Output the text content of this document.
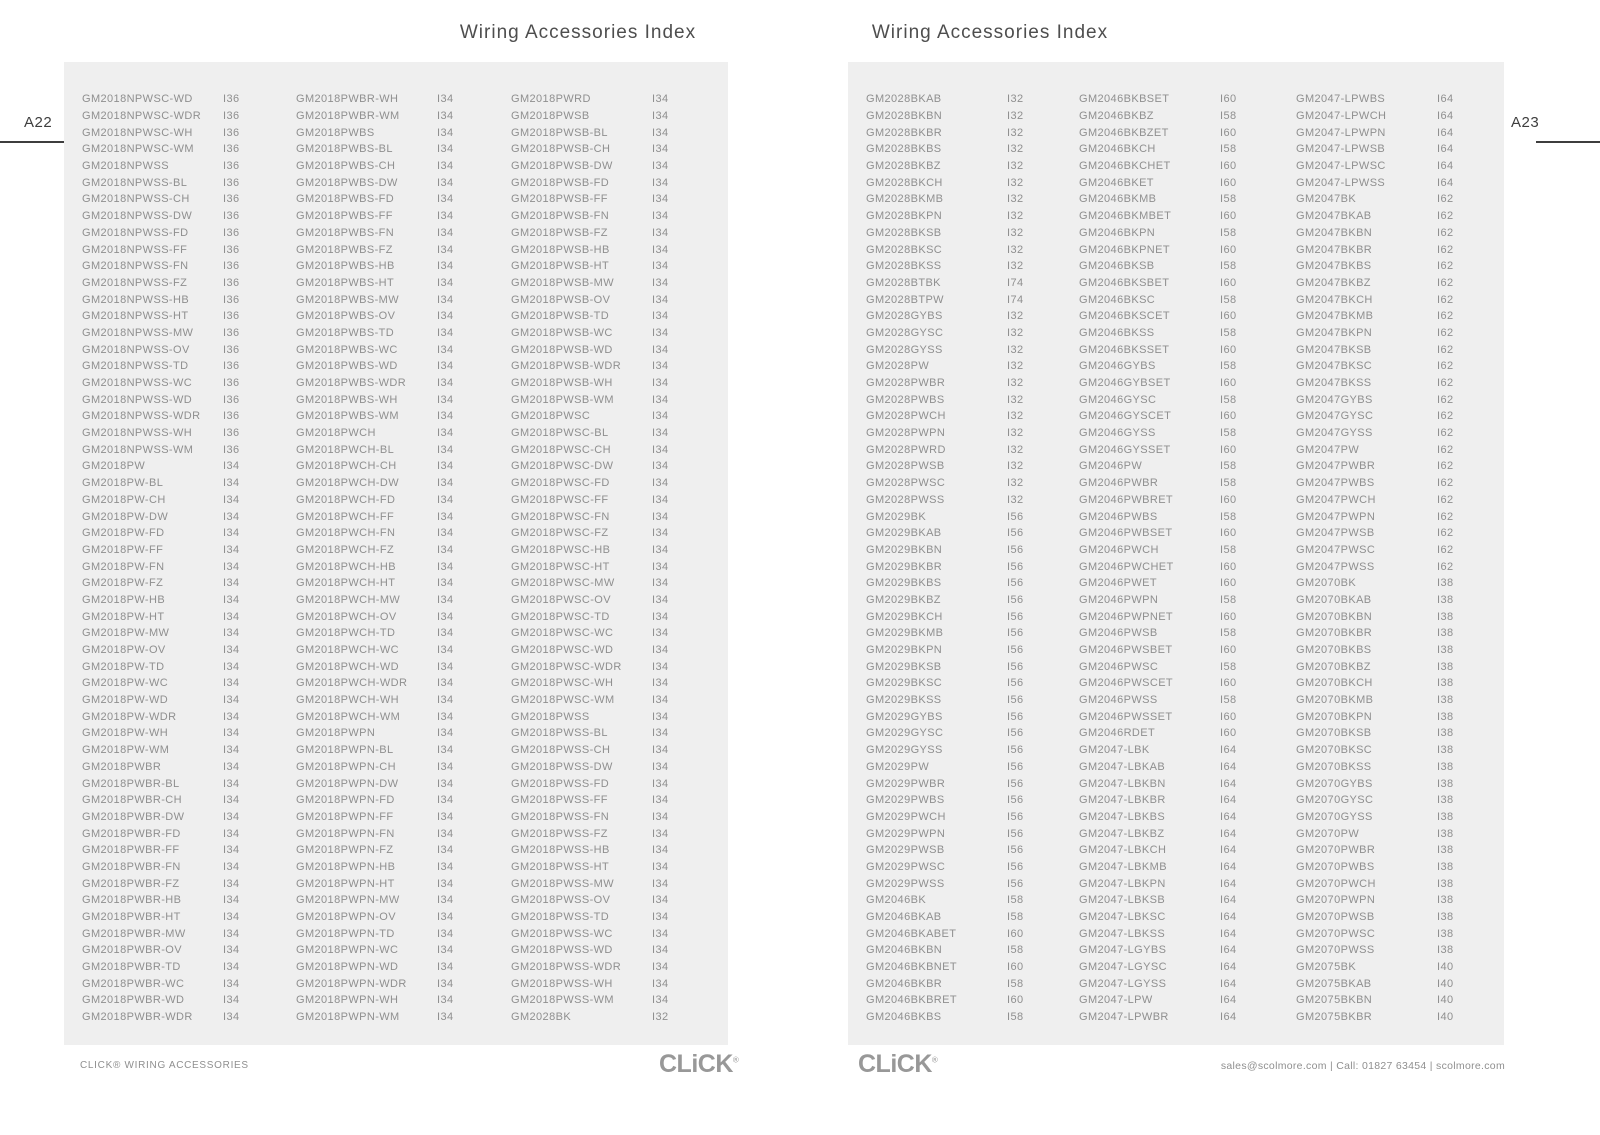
Wiring Accessories Index	Wiring Accessories Index
A22	A23
GM2018NPWSC-WD	I36
GM2018NPWSC-WDR	I36
GM2018NPWSC-WH	I36
GM2018NPWSC-WM	I36
GM2018NPWSS	I36
GM2018NPWSS-BL	I36
GM2018NPWSS-CH	I36
GM2018NPWSS-DW	I36
GM2018NPWSS-FD	I36
GM2018NPWSS-FF	I36
GM2018NPWSS-FN	I36
GM2018NPWSS-FZ	I36
GM2018NPWSS-HB	I36
GM2018NPWSS-HT	I36
GM2018NPWSS-MW	I36
GM2018NPWSS-OV	I36
GM2018NPWSS-TD	I36
GM2018NPWSS-WC	I36
GM2018NPWSS-WD	I36
GM2018NPWSS-WDR	I36
GM2018NPWSS-WH	I36
GM2018NPWSS-WM	I36
GM2018PW	I34
GM2018PW-BL	I34
GM2018PW-CH	I34
GM2018PW-DW	I34
GM2018PW-FD	I34
GM2018PW-FF	I34
GM2018PW-FN	I34
GM2018PW-FZ	I34
GM2018PW-HB	I34
GM2018PW-HT	I34
GM2018PW-MW	I34
GM2018PW-OV	I34
GM2018PW-TD	I34
GM2018PW-WC	I34
GM2018PW-WD	I34
GM2018PW-WDR	I34
GM2018PW-WH	I34
GM2018PW-WM	I34
GM2018PWBR	I34
GM2018PWBR-BL	I34
GM2018PWBR-CH	I34
GM2018PWBR-DW	I34
GM2018PWBR-FD	I34
GM2018PWBR-FF	I34
GM2018PWBR-FN	I34
GM2018PWBR-FZ	I34
GM2018PWBR-HB	I34
GM2018PWBR-HT	I34
GM2018PWBR-MW	I34
GM2018PWBR-OV	I34
GM2018PWBR-TD	I34
GM2018PWBR-WC	I34
GM2018PWBR-WD	I34
GM2018PWBR-WDR	I34
GM2018PWBR-WH	I34
GM2018PWBR-WM	I34
GM2018PWBS	I34
GM2018PWBS-BL	I34
GM2018PWBS-CH	I34
GM2018PWBS-DW	I34
GM2018PWBS-FD	I34
GM2018PWBS-FF	I34
GM2018PWBS-FN	I34
GM2018PWBS-FZ	I34
GM2018PWBS-HB	I34
GM2018PWBS-HT	I34
GM2018PWBS-MW	I34
GM2018PWBS-OV	I34
GM2018PWBS-TD	I34
GM2018PWBS-WC	I34
GM2018PWBS-WD	I34
GM2018PWBS-WDR	I34
GM2018PWBS-WH	I34
GM2018PWBS-WM	I34
GM2018PWCH	I34
GM2018PWCH-BL	I34
GM2018PWCH-CH	I34
GM2018PWCH-DW	I34
GM2018PWCH-FD	I34
GM2018PWCH-FF	I34
GM2018PWCH-FN	I34
GM2018PWCH-FZ	I34
GM2018PWCH-HB	I34
GM2018PWCH-HT	I34
GM2018PWCH-MW	I34
GM2018PWCH-OV	I34
GM2018PWCH-TD	I34
GM2018PWCH-WC	I34
GM2018PWCH-WD	I34
GM2018PWCH-WDR	I34
GM2018PWCH-WH	I34
GM2018PWCH-WM	I34
GM2018PWPN	I34
GM2018PWPN-BL	I34
GM2018PWPN-CH	I34
GM2018PWPN-DW	I34
GM2018PWPN-FD	I34
GM2018PWPN-FF	I34
GM2018PWPN-FN	I34
GM2018PWPN-FZ	I34
GM2018PWPN-HB	I34
GM2018PWPN-HT	I34
GM2018PWPN-MW	I34
GM2018PWPN-OV	I34
GM2018PWPN-TD	I34
GM2018PWPN-WC	I34
GM2018PWPN-WD	I34
GM2018PWPN-WDR	I34
GM2018PWPN-WH	I34
GM2018PWPN-WM	I34
GM2018PWRD	I34
GM2018PWSB	I34
GM2018PWSB-BL	I34
GM2018PWSB-CH	I34
GM2018PWSB-DW	I34
GM2018PWSB-FD	I34
GM2018PWSB-FF	I34
GM2018PWSB-FN	I34
GM2018PWSB-FZ	I34
GM2018PWSB-HB	I34
GM2018PWSB-HT	I34
GM2018PWSB-MW	I34
GM2018PWSB-OV	I34
GM2018PWSB-TD	I34
GM2018PWSB-WC	I34
GM2018PWSB-WD	I34
GM2018PWSB-WDR	I34
GM2018PWSB-WH	I34
GM2018PWSB-WM	I34
GM2018PWSC	I34
GM2018PWSC-BL	I34
GM2018PWSC-CH	I34
GM2018PWSC-DW	I34
GM2018PWSC-FD	I34
GM2018PWSC-FF	I34
GM2018PWSC-FN	I34
GM2018PWSC-FZ	I34
GM2018PWSC-HB	I34
GM2018PWSC-HT	I34
GM2018PWSC-MW	I34
GM2018PWSC-OV	I34
GM2018PWSC-TD	I34
GM2018PWSC-WC	I34
GM2018PWSC-WD	I34
GM2018PWSC-WDR	I34
GM2018PWSC-WH	I34
GM2018PWSC-WM	I34
GM2018PWSS	I34
GM2018PWSS-BL	I34
GM2018PWSS-CH	I34
GM2018PWSS-DW	I34
GM2018PWSS-FD	I34
GM2018PWSS-FF	I34
GM2018PWSS-FN	I34
GM2018PWSS-FZ	I34
GM2018PWSS-HB	I34
GM2018PWSS-HT	I34
GM2018PWSS-MW	I34
GM2018PWSS-OV	I34
GM2018PWSS-TD	I34
GM2018PWSS-WC	I34
GM2018PWSS-WD	I34
GM2018PWSS-WDR	I34
GM2018PWSS-WH	I34
GM2018PWSS-WM	I34
GM2028BK	I32
GM2028BKAB	I32
GM2028BKBN	I32
GM2028BKBR	I32
GM2028BKBS	I32
GM2028BKBZ	I32
GM2028BKCH	I32
GM2028BKMB	I32
GM2028BKPN	I32
GM2028BKSB	I32
GM2028BKSC	I32
GM2028BKSS	I32
GM2028BTBK	I74
GM2028BTPW	I74
GM2028GYBS	I32
GM2028GYSC	I32
GM2028GYSS	I32
GM2028PW	I32
GM2028PWBR	I32
GM2028PWBS	I32
GM2028PWCH	I32
GM2028PWPN	I32
GM2028PWRD	I32
GM2028PWSB	I32
GM2028PWSC	I32
GM2028PWSS	I32
GM2029BK	I56
GM2029BKAB	I56
GM2029BKBN	I56
GM2029BKBR	I56
GM2029BKBS	I56
GM2029BKBZ	I56
GM2029BKCH	I56
GM2029BKMB	I56
GM2029BKPN	I56
GM2029BKSB	I56
GM2029BKSC	I56
GM2029BKSS	I56
GM2029GYBS	I56
GM2029GYSC	I56
GM2029GYSS	I56
GM2029PW	I56
GM2029PWBR	I56
GM2029PWBS	I56
GM2029PWCH	I56
GM2029PWPN	I56
GM2029PWSB	I56
GM2029PWSC	I56
GM2029PWSS	I56
GM2046BK	I58
GM2046BKAB	I58
GM2046BKABET	I60
GM2046BKBN	I58
GM2046BKBNET	I60
GM2046BKBR	I58
GM2046BKBRET	I60
GM2046BKBS	I58
GM2046BKBSET	I60
GM2046BKBZ	I58
GM2046BKBZET	I60
GM2046BKCH	I58
GM2046BKCHET	I60
GM2046BKET	I60
GM2046BKMB	I58
GM2046BKMBET	I60
GM2046BKPN	I58
GM2046BKPNET	I60
GM2046BKSB	I58
GM2046BKSBET	I60
GM2046BKSC	I58
GM2046BKSCET	I60
GM2046BKSS	I58
GM2046BKSSET	I60
GM2046GYBS	I58
GM2046GYBSET	I60
GM2046GYSC	I58
GM2046GYSCET	I60
GM2046GYSS	I58
GM2046GYSSET	I60
GM2046PW	I58
GM2046PWBR	I58
GM2046PWBRET	I60
GM2046PWBS	I58
GM2046PWBSET	I60
GM2046PWCH	I58
GM2046PWCHET	I60
GM2046PWET	I60
GM2046PWPN	I58
GM2046PWPNET	I60
GM2046PWSB	I58
GM2046PWSBET	I60
GM2046PWSC	I58
GM2046PWSCET	I60
GM2046PWSS	I58
GM2046PWSSET	I60
GM2046RDET	I60
GM2047-LBK	I64
GM2047-LBKAB	I64
GM2047-LBKBN	I64
GM2047-LBKBR	I64
GM2047-LBKBS	I64
GM2047-LBKBZ	I64
GM2047-LBKCH	I64
GM2047-LBKMB	I64
GM2047-LBKPN	I64
GM2047-LBKSB	I64
GM2047-LBKSC	I64
GM2047-LBKSS	I64
GM2047-LGYBS	I64
GM2047-LGYSC	I64
GM2047-LGYSS	I64
GM2047-LPW	I64
GM2047-LPWBR	I64
GM2047-LPWBS	I64
GM2047-LPWCH	I64
GM2047-LPWPN	I64
GM2047-LPWSB	I64
GM2047-LPWSC	I64
GM2047-LPWSS	I64
GM2047BK	I62
GM2047BKAB	I62
GM2047BKBN	I62
GM2047BKBR	I62
GM2047BKBS	I62
GM2047BKBZ	I62
GM2047BKCH	I62
GM2047BKMB	I62
GM2047BKPN	I62
GM2047BKSB	I62
GM2047BKSC	I62
GM2047BKSS	I62
GM2047GYBS	I62
GM2047GYSC	I62
GM2047GYSS	I62
GM2047PW	I62
GM2047PWBR	I62
GM2047PWBS	I62
GM2047PWCH	I62
GM2047PWPN	I62
GM2047PWSB	I62
GM2047PWSC	I62
GM2047PWSS	I62
GM2070BK	I38
GM2070BKAB	I38
GM2070BKBN	I38
GM2070BKBR	I38
GM2070BKBS	I38
GM2070BKBZ	I38
GM2070BKCH	I38
GM2070BKMB	I38
GM2070BKPN	I38
GM2070BKSB	I38
GM2070BKSC	I38
GM2070BKSS	I38
GM2070GYBS	I38
GM2070GYSC	I38
GM2070GYSS	I38
GM2070PW	I38
GM2070PWBR	I38
GM2070PWBS	I38
GM2070PWCH	I38
GM2070PWPN	I38
GM2070PWSB	I38
GM2070PWSC	I38
GM2070PWSS	I38
GM2075BK	I40
GM2075BKAB	I40
GM2075BKBN	I40
GM2075BKBR	I40
CLICK® WIRING ACCESSORIES	CLiCK®	CLiCK®	sales@scolmore.com | Call: 01827 63454 | scolmore.com
